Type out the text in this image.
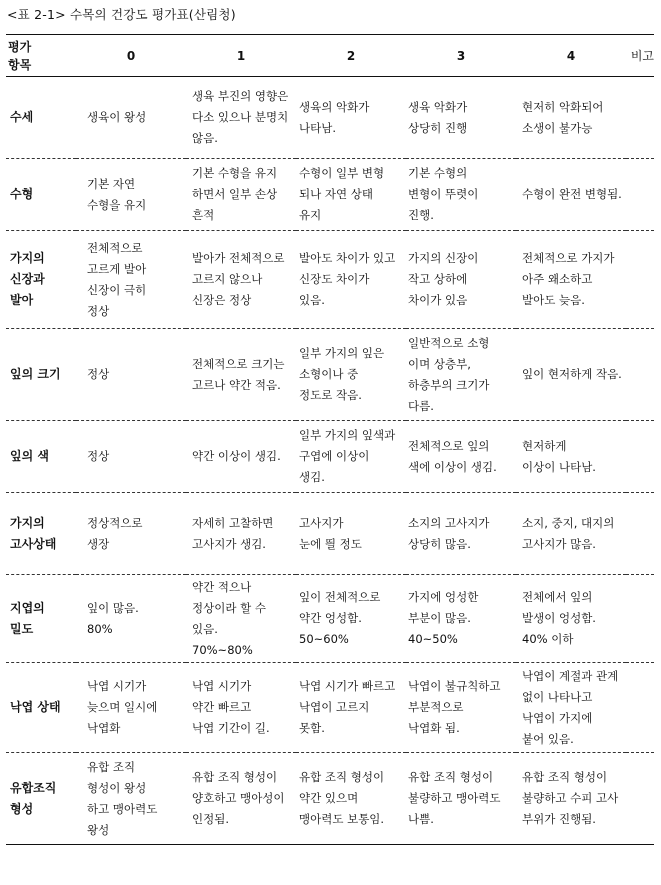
<표 2-1> 수목의 건강도 평가표(산림청)
평가
항목	0	1	2	3	4	비고

수세	생육이 왕성	생육 부진의 영향은
다소 있으나 분명치
않음.	생육의 악화가
나타남.	생육 악화가
상당히 진행	현저히 악화되어
소생이 불가능	

수형	기본 자연
수형을 유지	기본 수형을 유지
하면서 일부 손상
흔적	수형이 일부 변형
되나 자연 상태
유지	기본 수형의
변형이 뚜렷이
진행.	수형이 완전 변형됨.	

가지의
신장과
발아	전체적으로
고르게 발아
신장이 극히
정상	발아가 전체적으로
고르지 않으나
신장은 정상	발아도 차이가 있고
신장도 차이가
있음.	가지의 신장이
작고 상하에
차이가 있음	전체적으로 가지가
아주 왜소하고
발아도 늦음.	

잎의 크기	정상	전체적으로 크기는
고르나 약간 적음.	일부 가지의 잎은
소형이나 중
정도로 작음.	일반적으로 소형
이며 상층부,
하층부의 크기가
다름.	잎이 현저하게 작음.	

잎의 색	정상	약간 이상이 생김.	일부 가지의 잎색과
구엽에 이상이
생김.	전체적으로 잎의
색에 이상이 생김.	현저하게
이상이 나타남.	

가지의
고사상태	정상적으로
생장	자세히 고찰하면
고사지가 생김.	고사지가
눈에 띌 정도	소지의 고사지가
상당히 많음.	소지, 중지, 대지의
고사지가 많음.	

지엽의
밀도	잎이 많음.
80%	약간 적으나
정상이라 할 수
있음.
70%~80%	잎이 전체적으로
약간 엉성함.
50~60%	가지에 엉성한
부분이 많음.
40~50%	전체에서 잎의
발생이 엉성함.
40% 이하	

낙엽 상태	낙엽 시기가
늦으며 일시에
낙엽화	낙엽 시기가
약간 빠르고
낙엽 기간이 길.	낙엽 시기가 빠르고
낙엽이 고르지
못함.	낙엽이 불규칙하고
부분적으로
낙엽화 됨.	낙엽이 계절과 관계
없이 나타나고
낙엽이 가지에
붙어 있음.	

유합조직
형성	유합 조직
형성이 왕성
하고 맹아력도
왕성	유합 조직 형성이
양호하고 맹아성이
인정됨.	유합 조직 형성이
약간 있으며
맹아력도 보통임.	유합 조직 형성이
불량하고 맹아력도
나쁨.	유합 조직 형성이
불량하고 수피 고사
부위가 진행됨.	
